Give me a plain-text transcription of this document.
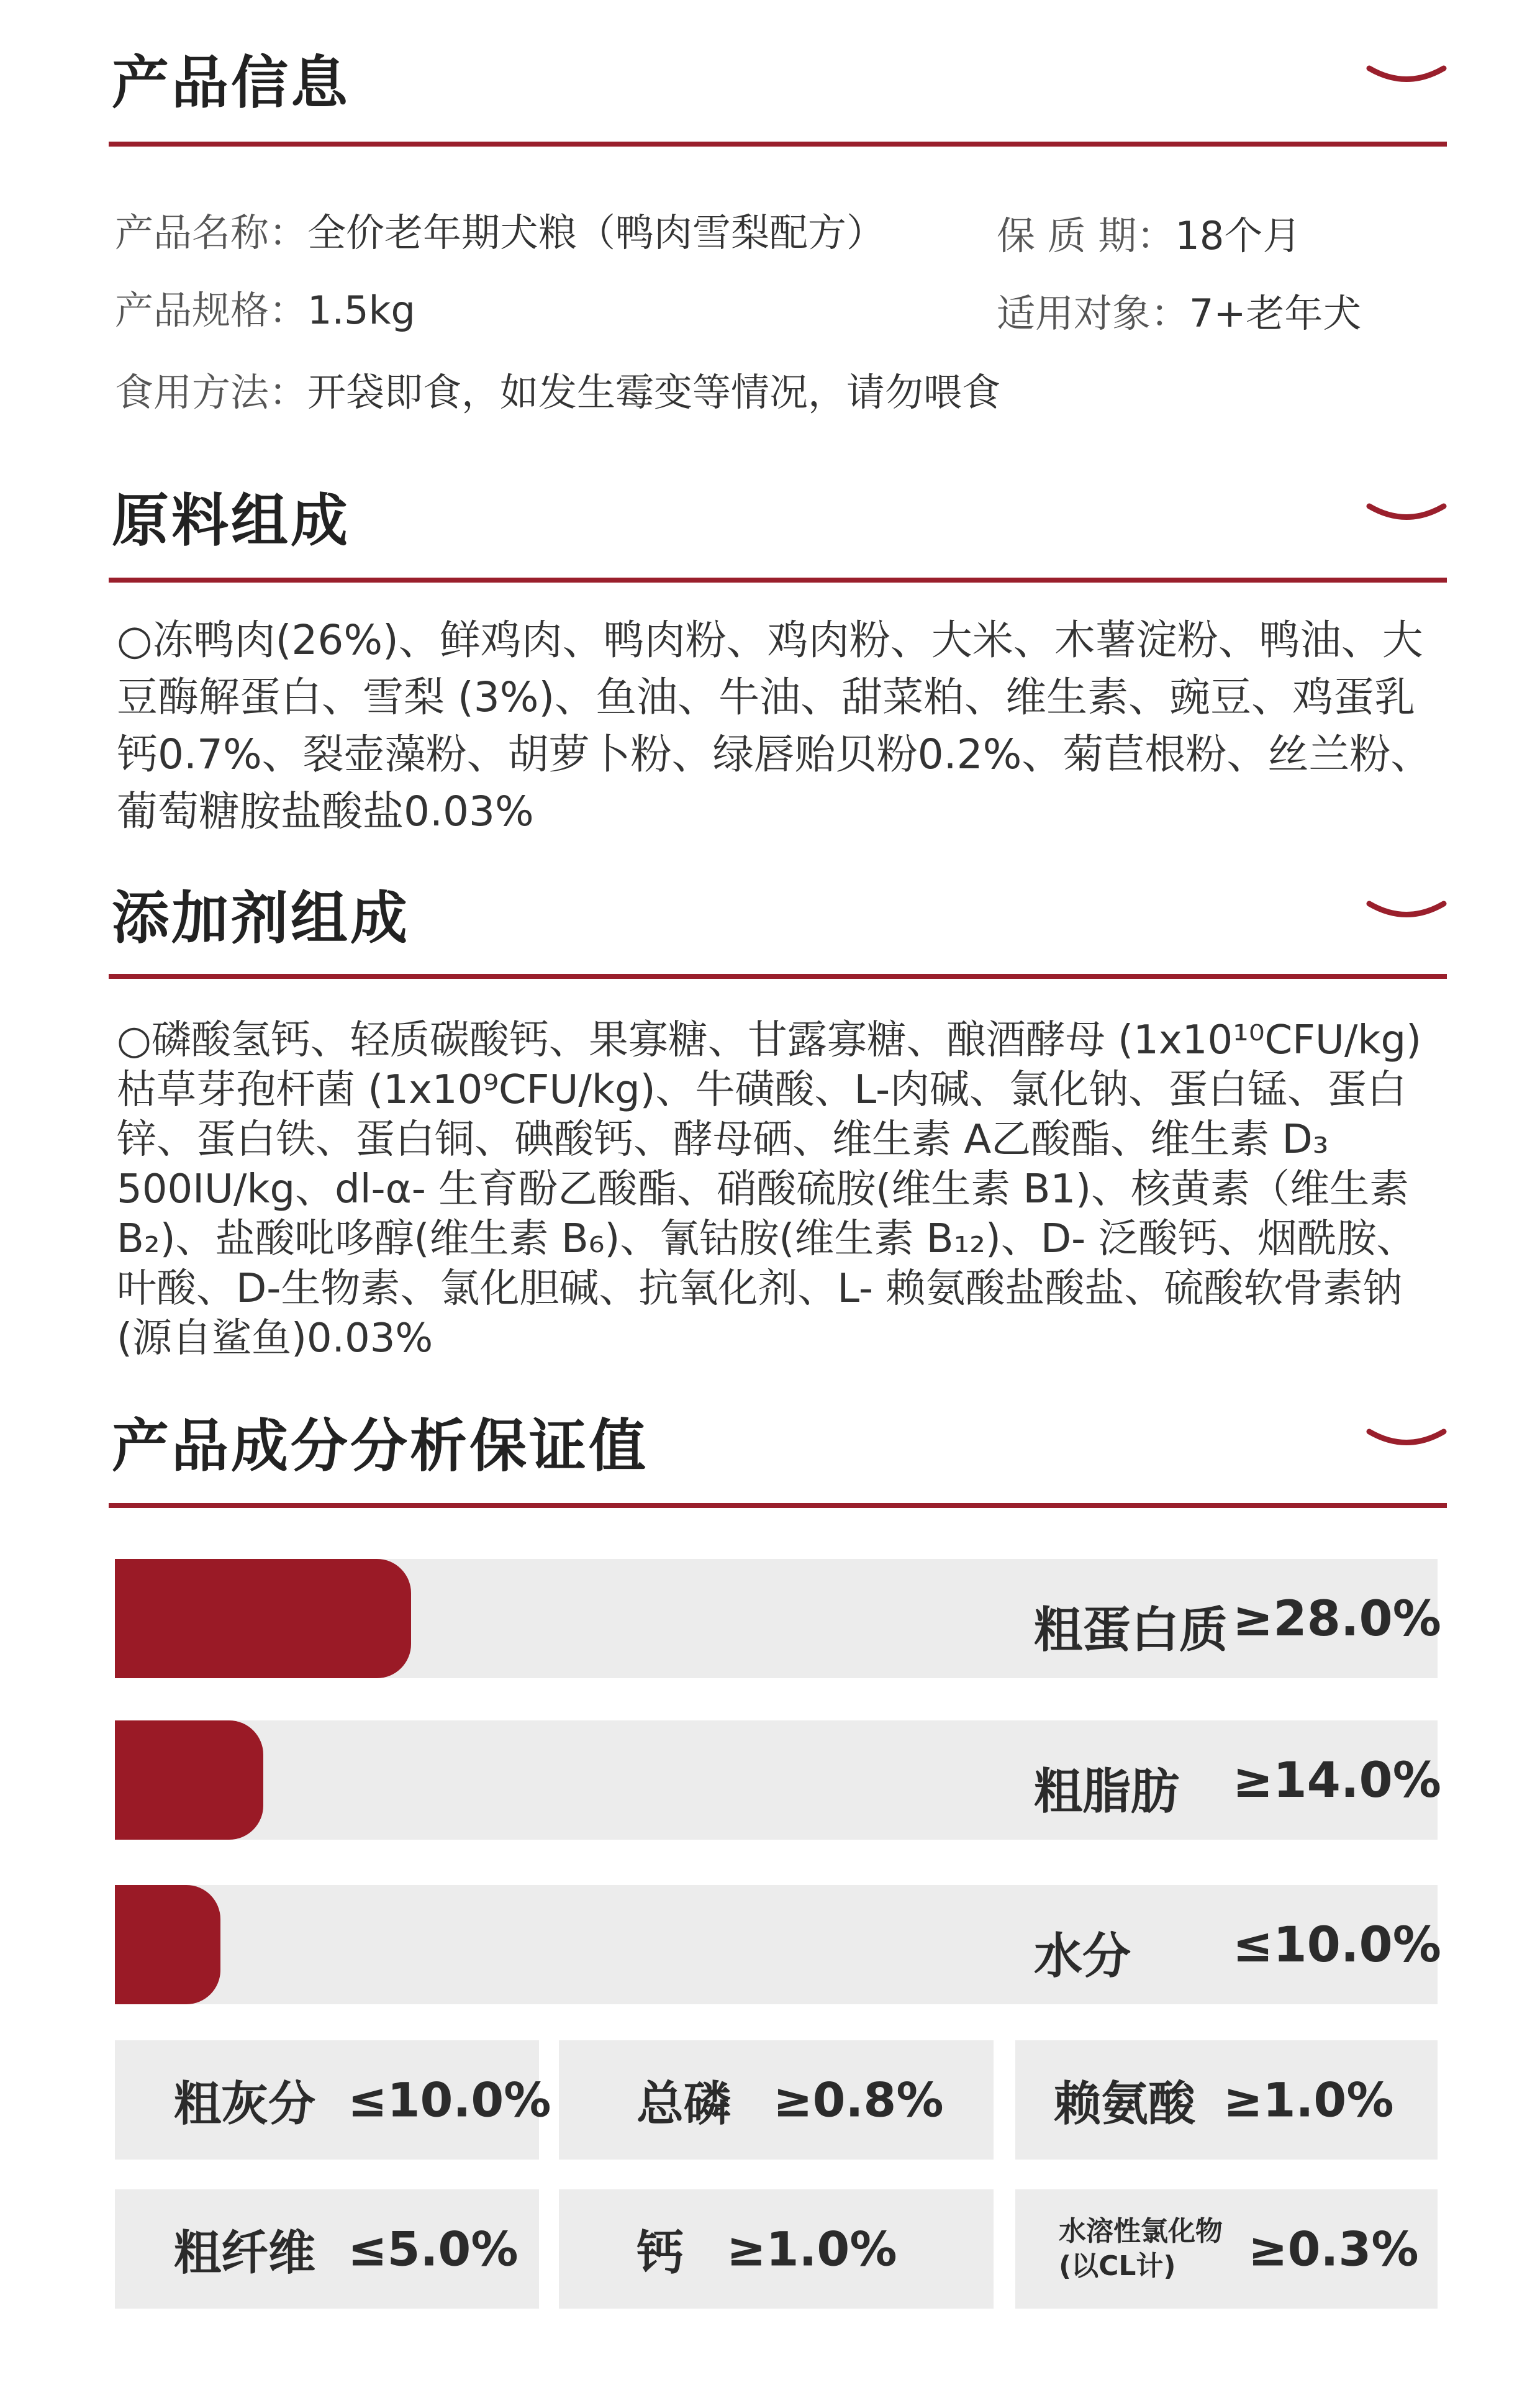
产品信息
产品名称：全价老年期犬粮（鸭肉雪梨配方）	保 质 期：18个月
产品规格：1.5kg	适用对象：7+老年犬
食用方法：开袋即食，如发生霉变等情况，请勿喂食
原料组成
○冻鸭肉(26%)、鲜鸡肉、鸭肉粉、鸡肉粉、大米、木薯淀粉、鸭油、大豆酶解蛋白、雪梨 (3%)、鱼油、牛油、甜菜粕、维生素、豌豆、鸡蛋乳钙0.7%、裂壶藻粉、胡萝卜粉、绿唇贻贝粉0.2%、菊苣根粉、丝兰粉、葡萄糖胺盐酸盐0.03%
添加剂组成
○磷酸氢钙、轻质碳酸钙、果寡糖、甘露寡糖、酿酒酵母 (1x10¹⁰CFU/kg)枯草芽孢杆菌 (1x10⁹CFU/kg)、牛磺酸、L-肉碱、氯化钠、蛋白锰、蛋白锌、蛋白铁、蛋白铜、碘酸钙、酵母硒、维生素 A乙酸酯、维生素 D₃ 500IU/kg、dl-α- 生育酚乙酸酯、硝酸硫胺(维生素 B1)、核黄素（维生素B₂)、盐酸吡哆醇(维生素 B₆)、氰钴胺(维生素 B₁₂)、D- 泛酸钙、烟酰胺、叶酸、D-生物素、氯化胆碱、抗氧化剂、L- 赖氨酸盐酸盐、硫酸软骨素钠(源自鲨鱼)0.03%
产品成分分析保证值
粗蛋白质 ≥28.0%
粗脂肪 ≥14.0%
水分 ≤10.0%
粗灰分 ≤10.0% 总磷 ≥0.8% 赖氨酸 ≥1.0%
粗纤维 ≤5.0%	钙 ≥1.0%	水溶性氯化物
(以CL计)	≥0.3%
